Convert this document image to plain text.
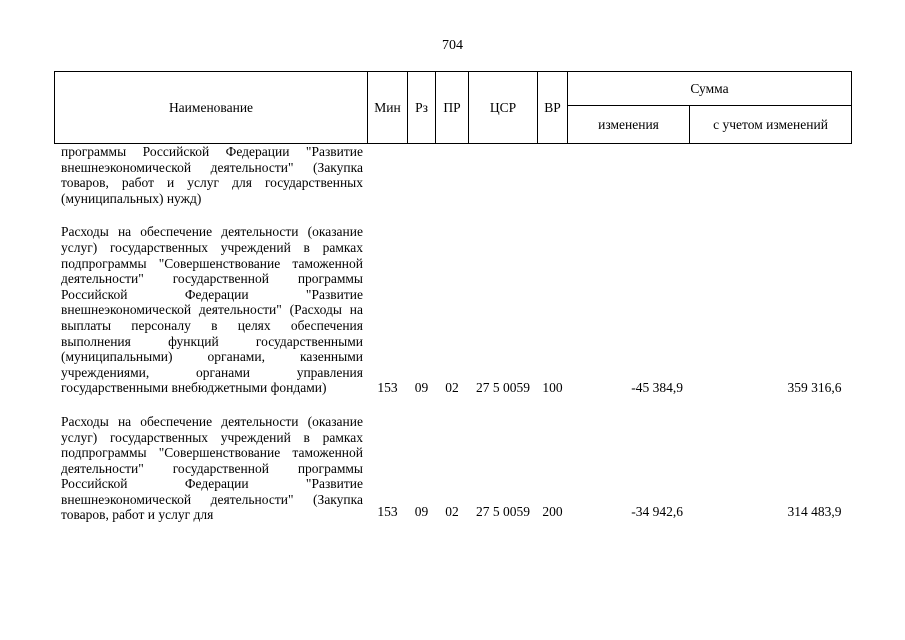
704
Наименование	Мин	Рз	ПР	ЦСР	ВР	Сумма	
						изменения	с учетом изменений

программы Российской Федерации "Развитие внешнеэкономической деятельности" (Закупка товаров, работ и услуг для государственных (муниципальных) нужд)							

Расходы на обеспечение деятельности (оказание услуг) государственных учреждений в рамках подпрограммы "Совершенствование таможенной деятельности" государственной программы Российской Федерации "Развитие внешнеэкономической деятельности" (Расходы на выплаты персоналу в целях обеспечения выполнения функций государственными (муниципальными) органами, казенными учреждениями, органами управления государственными внебюджетными фондами)	153	09	02	27 5 0059	100	-45 384,9	359 316,6

Расходы на обеспечение деятельности (оказание услуг) государственных учреждений в рамках подпрограммы "Совершенствование таможенной деятельности" государственной программы Российской Федерации "Развитие внешнеэкономической деятельности" (Закупка товаров, работ и услуг для	153	09	02	27 5 0059	200	-34 942,6	314 483,9
